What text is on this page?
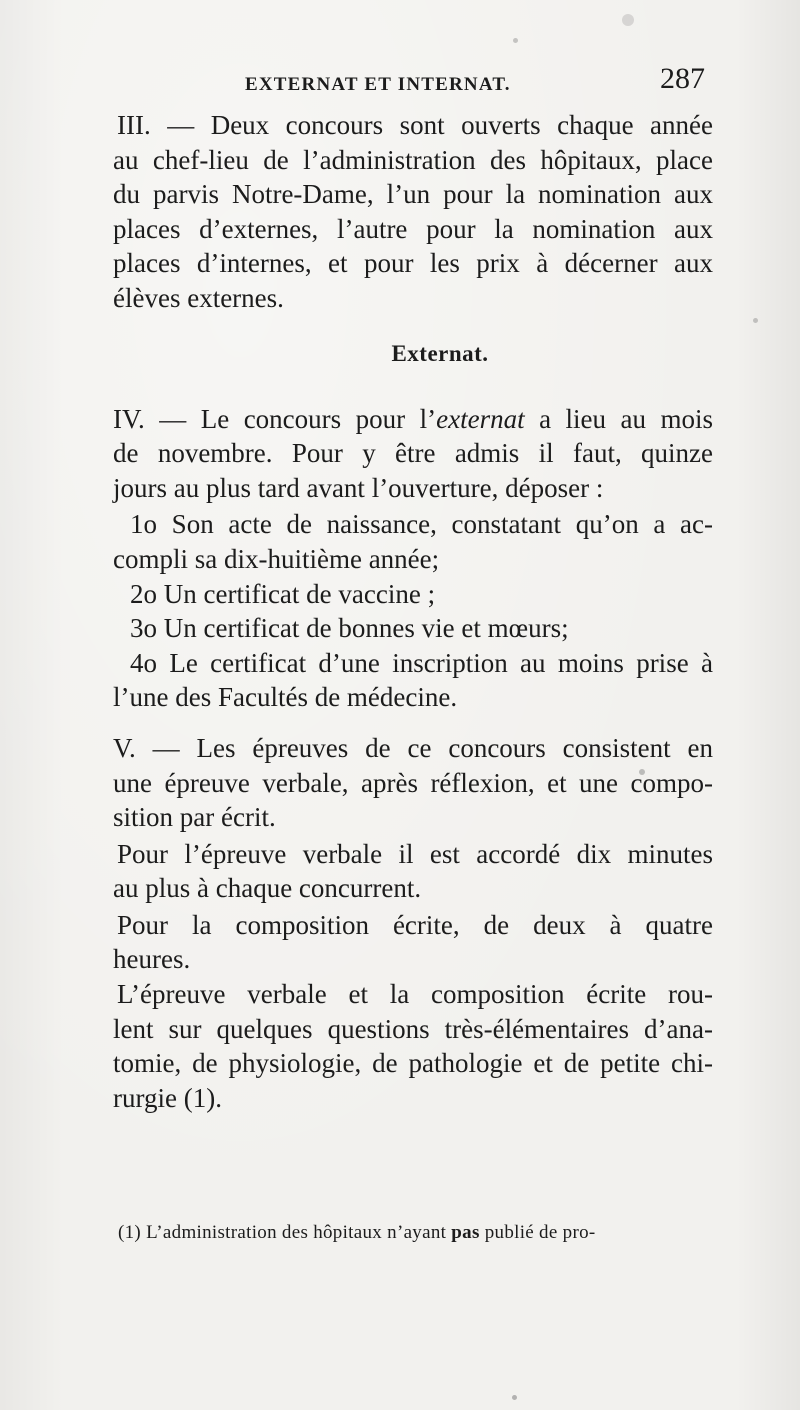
EXTERNAT ET INTERNAT.	287
III. — Deux concours sont ouverts chaque année
au chef-lieu de l’administration des hôpitaux, place
du parvis Notre-Dame, l’un pour la nomination aux
places d’externes, l’autre pour la nomination aux
places d’internes, et pour les prix à décerner aux
élèves externes.
Externat.
IV. — Le concours pour l’externat a lieu au mois
de novembre. Pour y être admis il faut, quinze
jours au plus tard avant l’ouverture, déposer :
1o Son acte de naissance, constatant qu’on a ac-
compli sa dix-huitième année;
2o Un certificat de vaccine ;
3o Un certificat de bonnes vie et mœurs;
4o Le certificat d’une inscription au moins prise à
l’une des Facultés de médecine.
V. — Les épreuves de ce concours consistent en
une épreuve verbale, après réflexion, et une compo-
sition par écrit.
Pour l’épreuve verbale il est accordé dix minutes
au plus à chaque concurrent.
Pour la composition écrite, de deux à quatre
heures.
L’épreuve verbale et la composition écrite rou-
lent sur quelques questions très-élémentaires d’ana-
tomie, de physiologie, de pathologie et de petite chi-
rurgie (1).
(1) L’administration des hôpitaux n’ayant pas publié de pro-
